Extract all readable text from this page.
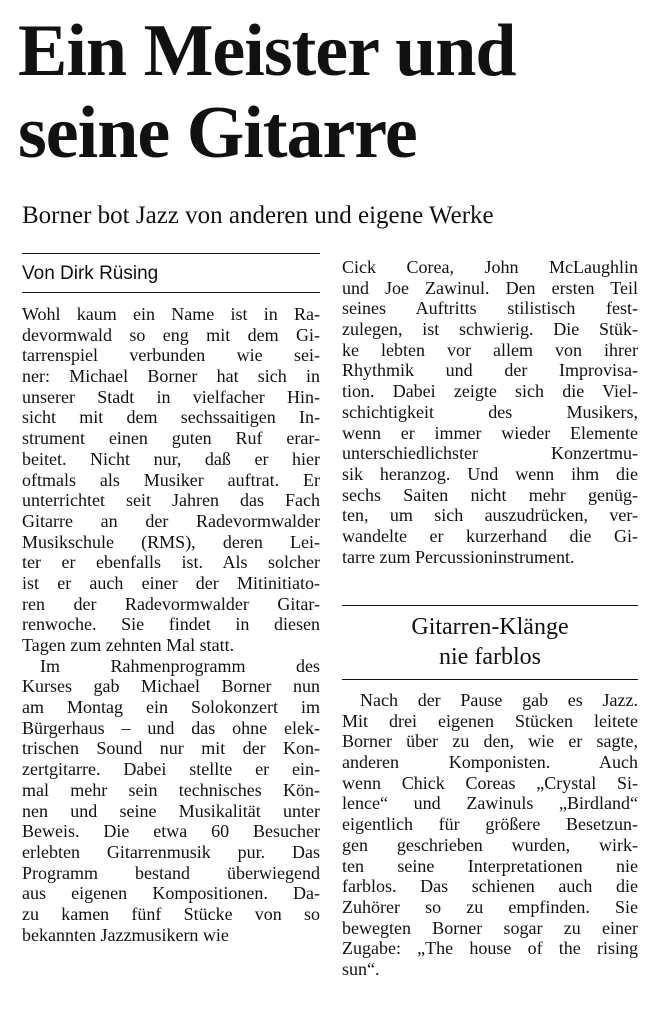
Ein Meister und
seine Gitarre

Borner bot Jazz von anderen und eigene Werke

Von Dirk Rüsing
Wohl kaum ein Name ist in Ra-
devormwald so eng mit dem Gi-
tarrenspiel verbunden wie sei-
ner: Michael Borner hat sich in
unserer Stadt in vielfacher Hin-
sicht mit dem sechssaitigen In-
strument einen guten Ruf erar-
beitet. Nicht nur, daß er hier
oftmals als Musiker auftrat. Er
unterrichtet seit Jahren das Fach
Gitarre an der Radevormwalder
Musikschule (RMS), deren Lei-
ter er ebenfalls ist. Als solcher
ist er auch einer der Mitinitiato-
ren der Radevormwalder Gitar-
renwoche. Sie findet in diesen
Tagen zum zehnten Mal statt.
Im Rahmenprogramm des
Kurses gab Michael Borner nun
am Montag ein Solokonzert im
Bürgerhaus – und das ohne elek-
trischen Sound nur mit der Kon-
zertgitarre. Dabei stellte er ein-
mal mehr sein technisches Kön-
nen und seine Musikalität unter
Beweis. Die etwa 60 Besucher
erlebten Gitarrenmusik pur. Das
Programm bestand überwiegend
aus eigenen Kompositionen. Da-
zu kamen fünf Stücke von so
bekannten Jazzmusikern wie
Cick Corea, John McLaughlin
und Joe Zawinul. Den ersten Teil
seines Auftritts stilistisch fest-
zulegen, ist schwierig. Die Stük-
ke lebten vor allem von ihrer
Rhythmik und der Improvisa-
tion. Dabei zeigte sich die Viel-
schichtigkeit des Musikers,
wenn er immer wieder Elemente
unterschiedlichster Konzertmu-
sik heranzog. Und wenn ihm die
sechs Saiten nicht mehr genüg-
ten, um sich auszudrücken, ver-
wandelte er kurzerhand die Gi-
tarre zum Percussioninstrument.
Gitarren-Klänge
nie farblos
Nach der Pause gab es Jazz.
Mit drei eigenen Stücken leitete
Borner über zu den, wie er sagte,
anderen Komponisten. Auch
wenn Chick Coreas „Crystal Si-
lence“ und Zawinuls „Birdland“
eigentlich für größere Besetzun-
gen geschrieben wurden, wirk-
ten seine Interpretationen nie
farblos. Das schienen auch die
Zuhörer so zu empfinden. Sie
bewegten Borner sogar zu einer
Zugabe: „The house of the rising
sun“.
